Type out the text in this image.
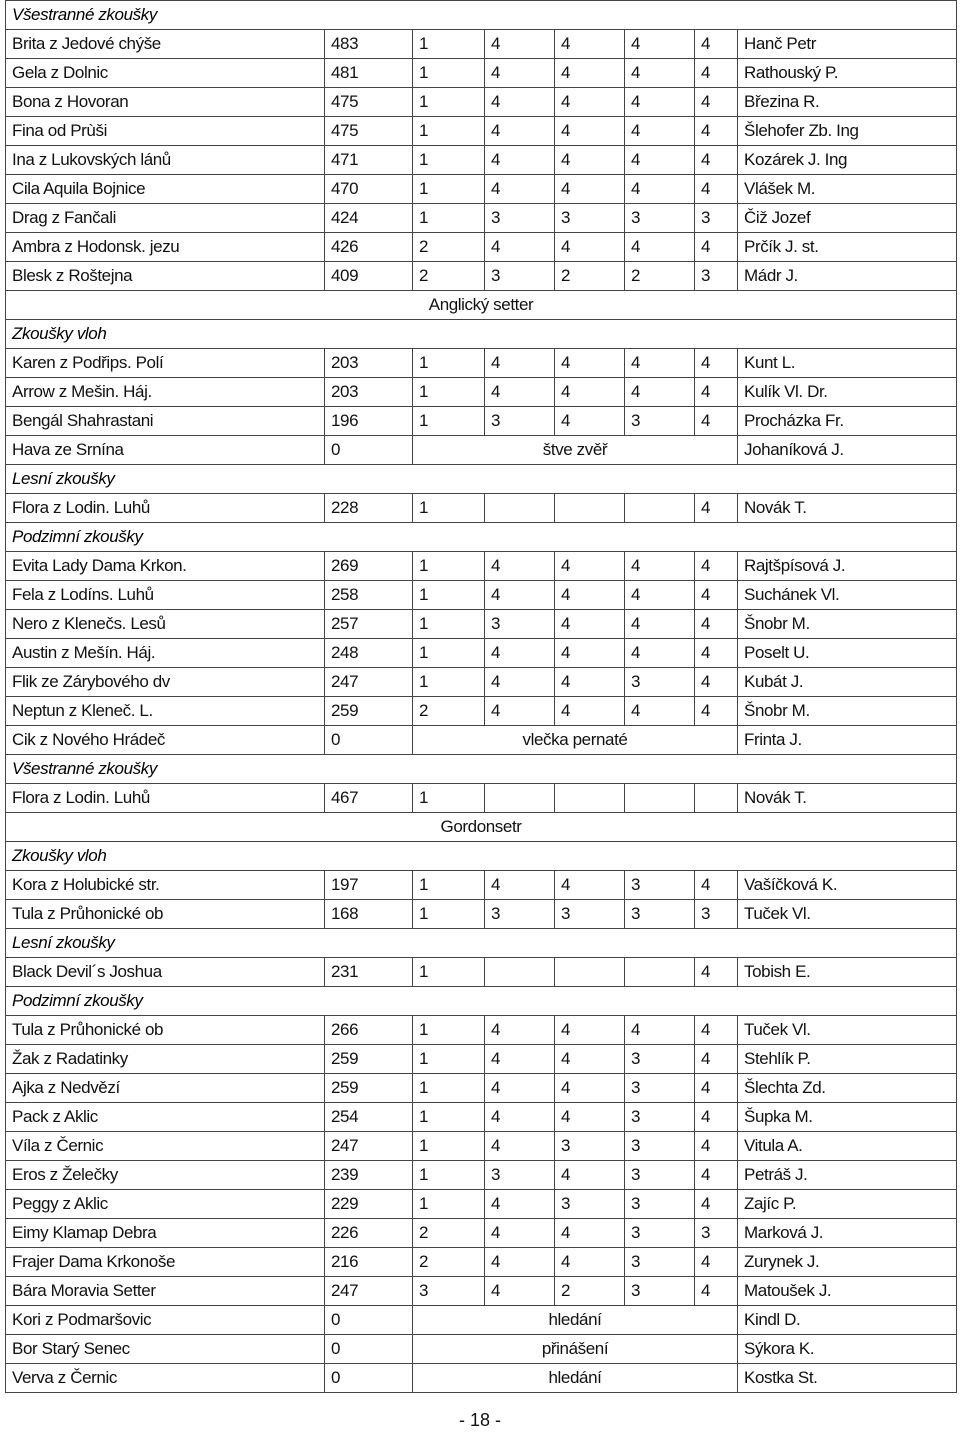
Všestranné zkoušky							
Brita z Jedové chýše	483	1	4	4	4	4	Hanč Petr
Gela z Dolnic	481	1	4	4	4	4	Rathouský P.
Bona z Hovoran	475	1	4	4	4	4	Březina R.
Fina od Prùši	475	1	4	4	4	4	Šlehofer Zb. Ing
Ina z Lukovských lánů	471	1	4	4	4	4	Kozárek J. Ing
Cila Aquila Bojnice	470	1	4	4	4	4	Vlášek M.
Drag z Fančali	424	1	3	3	3	3	Čiž Jozef
Ambra z Hodonsk. jezu	426	2	4	4	4	4	Prčík J. st.
Blesk z Roštejna	409	2	3	2	2	3	Mádr J.
Anglický setter							
Zkoušky vloh							
Karen z Podřips. Polí	203	1	4	4	4	4	Kunt L.
Arrow z Mešin. Háj.	203	1	4	4	4	4	Kulík Vl. Dr.
Bengál Shahrastani	196	1	3	4	3	4	Procházka Fr.
Hava ze Srnína	0	štve zvěř					Johaníková J.
Lesní zkoušky							
Flora z Lodin. Luhů	228	1				4	Novák T.
Podzimní zkoušky							
Evita Lady Dama Krkon.	269	1	4	4	4	4	Rajtšpísová J.
Fela z Lodíns. Luhů	258	1	4	4	4	4	Suchánek Vl.
Nero z Klenečs. Lesů	257	1	3	4	4	4	Šnobr M.
Austin z Mešín. Háj.	248	1	4	4	4	4	Poselt U.
Flik ze Zárybového dv	247	1	4	4	3	4	Kubát J.
Neptun z Kleneč. L.	259	2	4	4	4	4	Šnobr M.
Cik z Nového Hrádeč	0	vlečka pernaté					Frinta J.
Všestranné zkoušky							
Flora z Lodin. Luhů	467	1					Novák T.
Gordonsetr							
Zkoušky vloh							
Kora z Holubické str.	197	1	4	4	3	4	Vašíčková K.
Tula z Průhonické ob	168	1	3	3	3	3	Tuček Vl.
Lesní zkoušky							
Black Devil´s Joshua	231	1				4	Tobish E.
Podzimní zkoušky							
Tula z Průhonické ob	266	1	4	4	4	4	Tuček Vl.
Žak z Radatinky	259	1	4	4	3	4	Stehlík P.
Ajka z Nedvězí	259	1	4	4	3	4	Šlechta Zd.
Pack z Aklic	254	1	4	4	3	4	Šupka M.
Víla z Černic	247	1	4	3	3	4	Vitula A.
Eros z Želečky	239	1	3	4	3	4	Petráš J.
Peggy z Aklic	229	1	4	3	3	4	Zajíc P.
Eimy Klamap Debra	226	2	4	4	3	3	Marková J.
Frajer Dama Krkonoše	216	2	4	4	3	4	Zurynek J.
Bára Moravia Setter	247	3	4	2	3	4	Matoušek J.
Kori z Podmaršovic	0	hledání					Kindl D.
Bor Starý Senec	0	přinášení					Sýkora K.
Verva z Černic	0	hledání					Kostka St.
- 18 -
